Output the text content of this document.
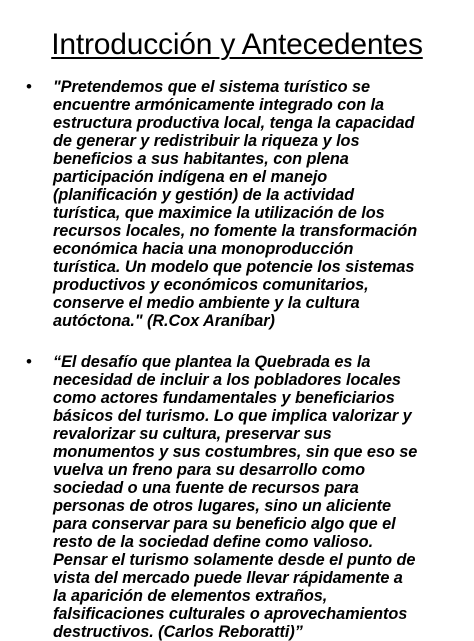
Introducción y Antecedentes
• "Pretendemos que el sistema turístico se
encuentre armónicamente integrado con la
estructura productiva local, tenga la capacidad
de generar y redistribuir la riqueza y los
beneficios a sus habitantes, con plena
participación indígena en el manejo
(planificación y gestión) de la actividad
turística, que maximice la utilización de los
recursos locales, no fomente la transformación
económica hacia una monoproducción
turística. Un modelo que potencie los sistemas
productivos y económicos comunitarios,
conserve el medio ambiente y la cultura
autóctona." (R.Cox Araníbar)
• “El desafío que plantea la Quebrada es la
necesidad de incluir a los pobladores locales
como actores fundamentales y beneficiarios
básicos del turismo. Lo que implica valorizar y
revalorizar su cultura, preservar sus
monumentos y sus costumbres, sin que eso se
vuelva un freno para su desarrollo como
sociedad o una fuente de recursos para
personas de otros lugares, sino un aliciente
para conservar para su beneficio algo que el
resto de la sociedad define como valioso.
Pensar el turismo solamente desde el punto de
vista del mercado puede llevar rápidamente a
la aparición de elementos extraños,
falsificaciones culturales o aprovechamientos
destructivos. (Carlos Reboratti)”
